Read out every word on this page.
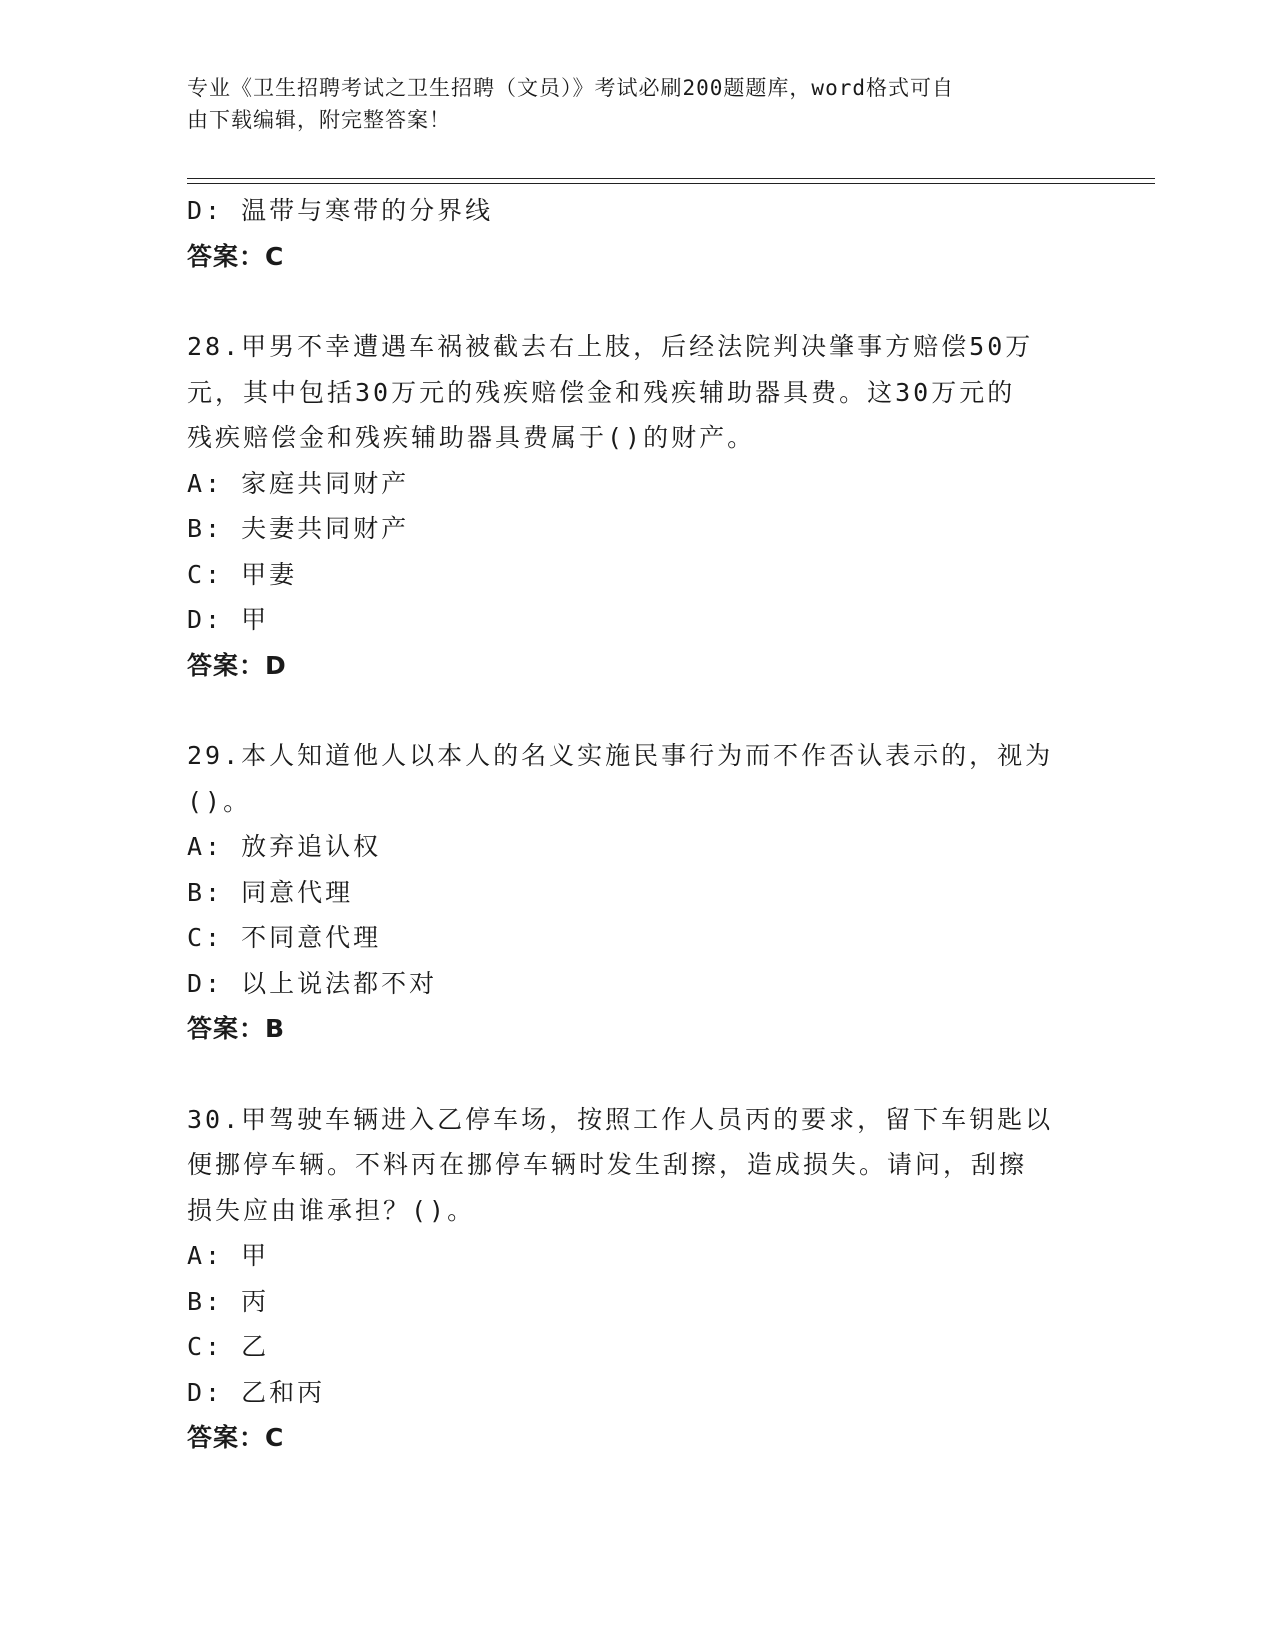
专业《卫生招聘考试之卫生招聘（文员）》考试必刷200题题库，word格式可自
由下载编辑，附完整答案！
D: 温带与寒带的分界线
答案：C
28.甲男不幸遭遇车祸被截去右上肢，后经法院判决肇事方赔偿50万
元，其中包括30万元的残疾赔偿金和残疾辅助器具费。这30万元的
残疾赔偿金和残疾辅助器具费属于()的财产。
A: 家庭共同财产
B: 夫妻共同财产
C: 甲妻
D: 甲
答案：D
29.本人知道他人以本人的名义实施民事行为而不作否认表示的，视为
()。
A: 放弃追认权
B: 同意代理
C: 不同意代理
D: 以上说法都不对
答案：B
30.甲驾驶车辆进入乙停车场，按照工作人员丙的要求，留下车钥匙以
便挪停车辆。不料丙在挪停车辆时发生刮擦，造成损失。请问，刮擦
损失应由谁承担？()。
A: 甲
B: 丙
C: 乙
D: 乙和丙
答案：C
